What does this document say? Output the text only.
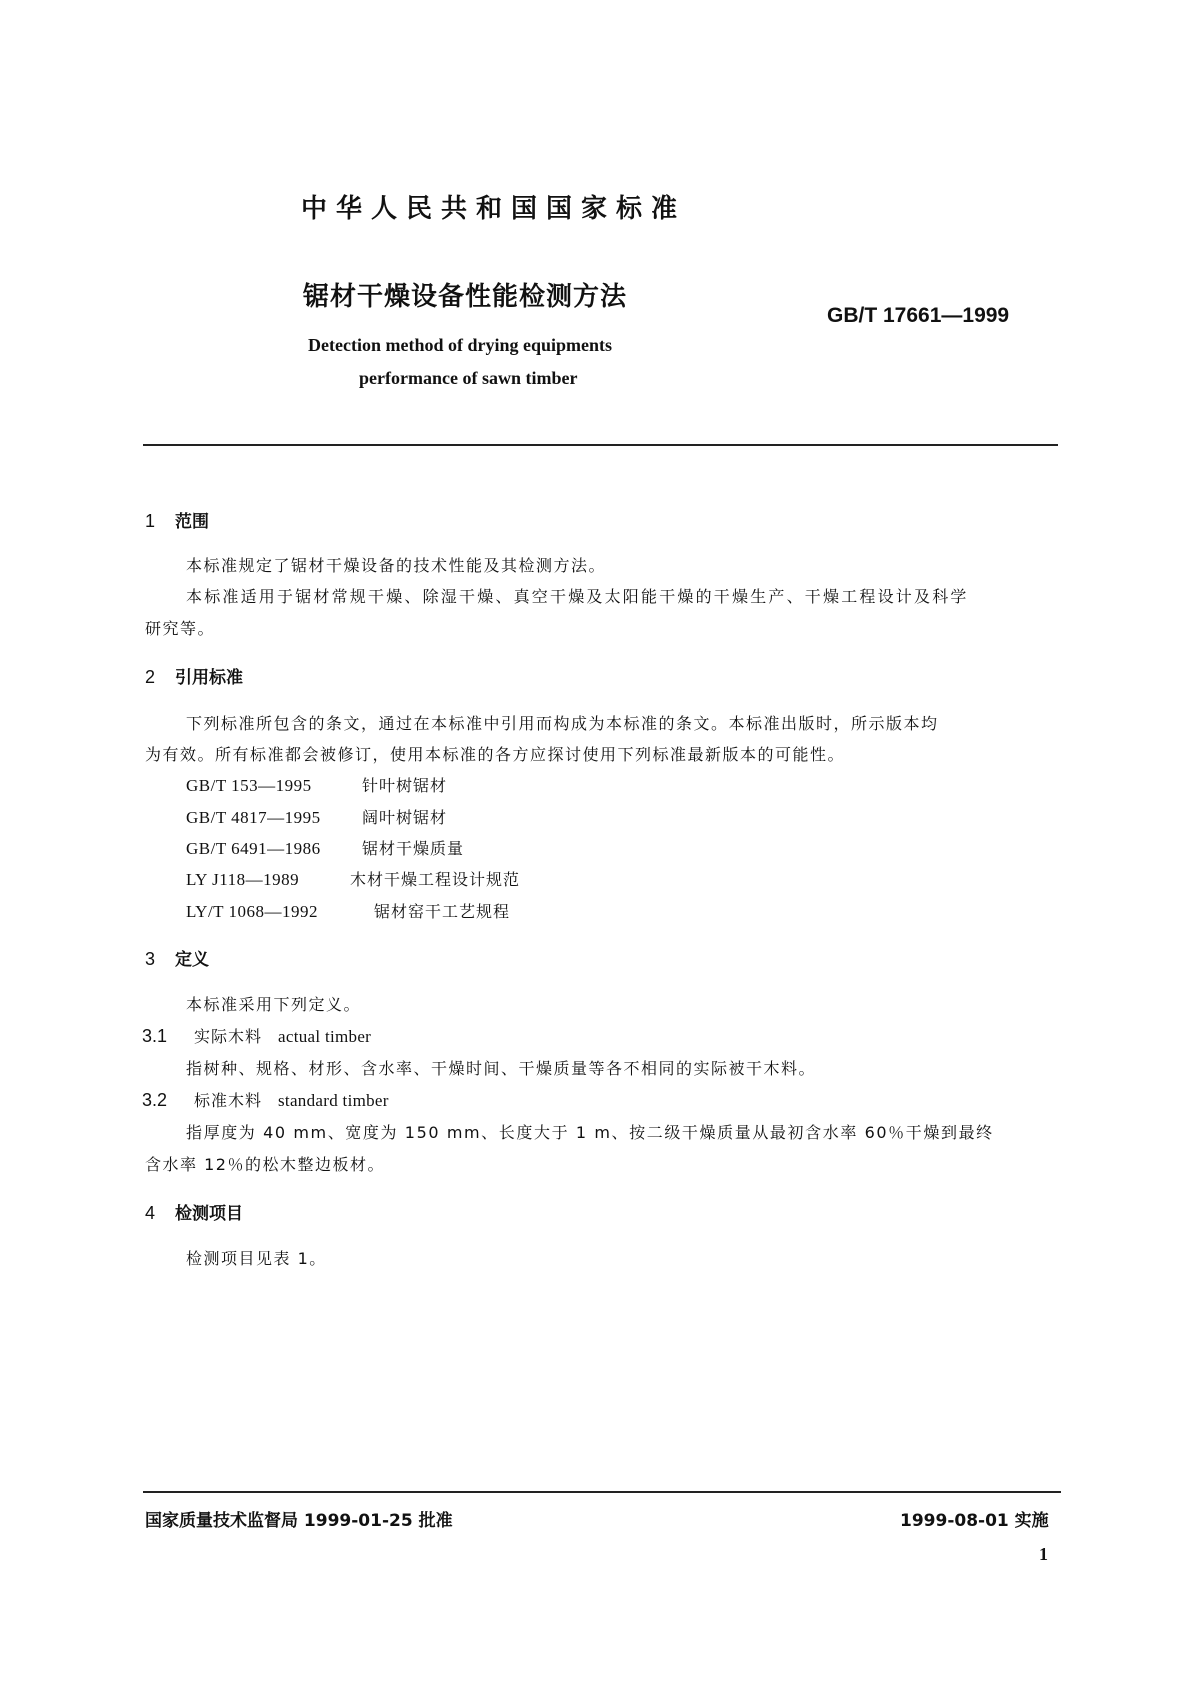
中华人民共和国国家标准
锯材干燥设备性能检测方法
GB/T 17661—1999
Detection method of drying equipments
performance of sawn timber
1 范围
本标准规定了锯材干燥设备的技术性能及其检测方法。
本标准适用于锯材常规干燥、除湿干燥、真空干燥及太阳能干燥的干燥生产、干燥工程设计及科学
研究等。
2 引用标准
下列标准所包含的条文，通过在本标准中引用而构成为本标准的条文。本标准出版时，所示版本均
为有效。所有标准都会被修订，使用本标准的各方应探讨使用下列标准最新版本的可能性。
GB/T 153—1995	针叶树锯材
GB/T 4817—1995	阔叶树锯材
GB/T 6491—1986	锯材干燥质量
LY J118—1989	木材干燥工程设计规范
LY/T 1068—1992	锯材窑干工艺规程
3 定义
本标准采用下列定义。
3.1 实际木料 actual timber
指树种、规格、材形、含水率、干燥时间、干燥质量等各不相同的实际被干木料。
3.2 标准木料 standard timber
指厚度为 40 mm、宽度为 150 mm、长度大于 1 m、按二级干燥质量从最初含水率 60％干燥到最终
含水率 12％的松木整边板材。
4 检测项目
检测项目见表 1。
国家质量技术监督局 1999-01-25 批准	1999-08-01 实施
1
